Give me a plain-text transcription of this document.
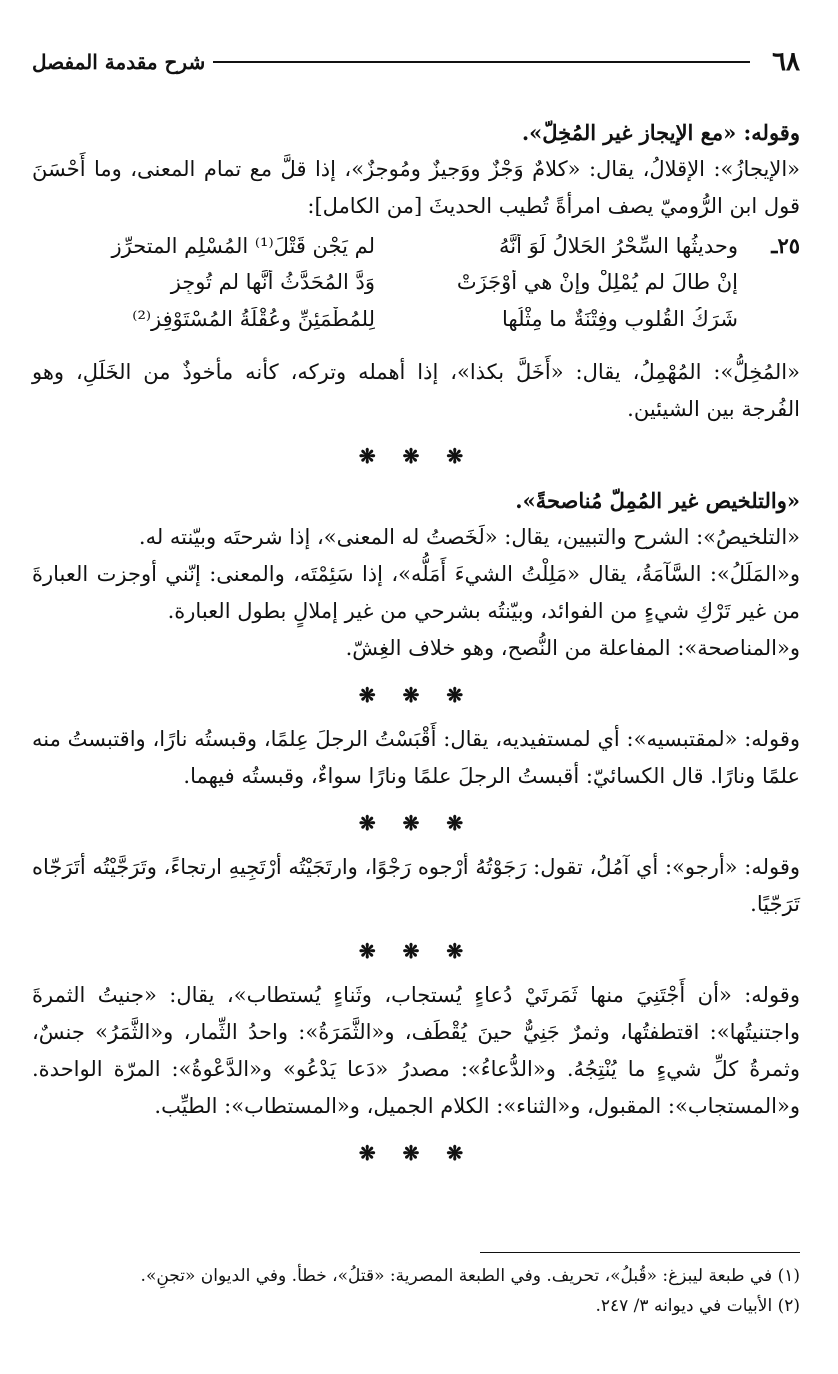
٦٨
شرح مقدمة المفصل

وقوله: «مع الإيجاز غير المُخِلّ».

«الإيجازُ»: الإقلالُ، يقال: «كلامٌ وَجْزٌ ووَجيزٌ ومُوجزٌ»، إذا قلَّ مع تمام المعنى، وما أَحْسَنَ قول ابن الرُّوميّ يصف امرأةً تُطيب الحديثَ [من الكامل]:

٢٥ـ
وحديثُها السِّحْرُ الحَلالُ لَوَ أنَّهُ
لم يَجْنِ قَتْلَ⁽¹⁾ المُسْلِمِ المتحرِّزِ
إنْ طالَ لم يُمْلِلْ وإنْ هي أوْجَزَتْ
وَدَّ المُحَدَّثُ أنَّها لم تُوجِزِ
شَرَكُ القُلوبِ وفِتْنَةٌ ما مِثْلُها
لِلمُطْمَئِنِّ وعُقْلَةُ المُسْتَوْفِزِ⁽²⁾

«المُخِلُّ»: المُهْمِلُ، يقال: «أَخَلَّ بكذا»، إذا أهمله وتركه، كأنه مأخوذٌ من الخَلَلِ، وهو الفُرجة بين الشيئين.

❋ ❋ ❋

«والتلخيص غير المُمِلّ مُناصحةً».

«التلخيصُ»: الشرح والتبيين، يقال: «لَخَصتُ له المعنى»، إذا شرحتَه وبيّنته له.

و«المَلَلُ»: السَّآمَةُ، يقال «مَلِلْتُ الشيءَ أَمَلُّه»، إذا سَئِمْتَه، والمعنى: إنّني أوجزت العبارةَ من غير تَرْكِ شيءٍ من الفوائد، وبيّنتُه بشرحي من غير إملالٍ بطول العبارة.

و«المناصحة»: المفاعلة من النُّصح، وهو خلاف الغِشّ.

❋ ❋ ❋

وقوله: «لمقتبسيه»: أي لمستفيديه، يقال: أَقْبَسْتُ الرجلَ عِلمًا، وقبستُه نارًا، واقتبستُ منه علمًا ونارًا. قال الكسائيّ: أقبستُ الرجلَ علمًا ونارًا سواءٌ، وقبستُه فيهما.

❋ ❋ ❋

وقوله: «أرجو»: أي آمُلُ، تقول: رَجَوْتُهُ أرْجوه رَجْوًا، وارتَجَيْتُه أرْتَجِيهِ ارتجاءً، وتَرَجَّيْتُه أتَرَجّاه تَرَجّيًا.

❋ ❋ ❋

وقوله: «أن أَجْتَنِيَ منها ثَمَرتَيْ دُعاءٍ يُستجاب، وثَناءٍ يُستطاب»، يقال: «جنيتُ الثمرةَ واجتنيتُها»: اقتطفتُها، وثمرٌ جَنِيٌّ حينَ يُقْطَف، و«الثَّمَرَةُ»: واحدُ الثِّمار، و«الثَّمَرُ» جنسٌ، وثمرةُ كلِّ شيءٍ ما يُنْتِجُهُ. و«الدُّعاءُ»: مصدرُ «دَعا يَدْعُو» و«الدَّعْوةُ»: المرّة الواحدة. و«المستجاب»: المقبول، و«الثناء»: الكلام الجميل، و«المستطاب»: الطيِّب.

❋ ❋ ❋

(١) في طبعة ليبزغ: «قُبلُ»، تحريف. وفي الطبعة المصرية: «قتلُ»، خطأ. وفي الديوان «تجنِ».

(٢) الأبيات في ديوانه ٣/ ٢٤٧.
